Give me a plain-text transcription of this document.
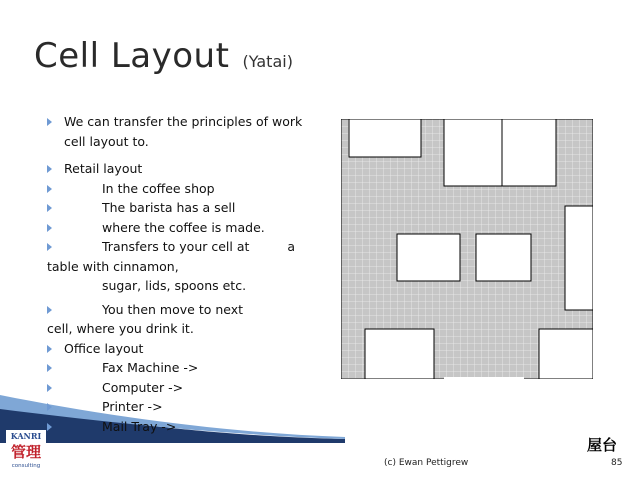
Cell Layout (Yatai)
We can transfer the principles of work
cell layout to.
Retail layout
In the coffee shop
The barista has a sell
where the coffee is made.
Transfers to your cell at	a
table with cinnamon,
sugar, lids, spoons etc.
You then move to next
cell, where you drink it.
Office layout
Fax Machine ->
Computer ->
Printer ->
Mail Tray ->
KANRI
管理
consulting
屋台
(c) Ewan Pettigrew	85
